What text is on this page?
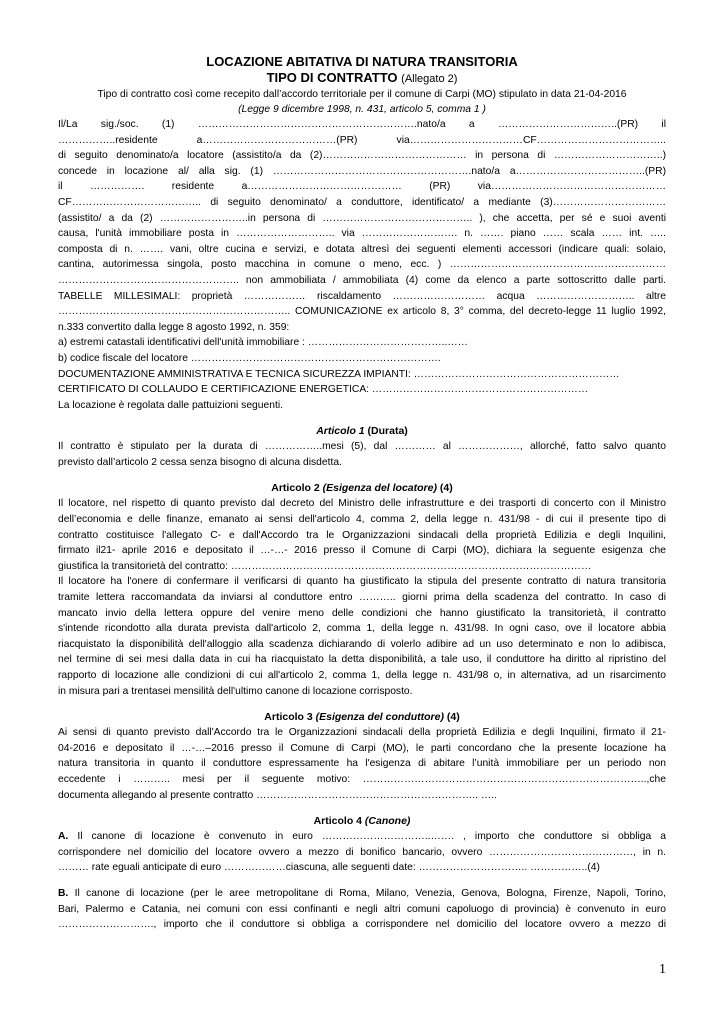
LOCAZIONE ABITATIVA DI NATURA TRANSITORIA
TIPO DI CONTRATTO (Allegato 2)
Tipo di contratto così come recepito dall’accordo territoriale per il comune di Carpi (MO) stipulato in data 21-04-2016
(Legge 9 dicembre 1998, n. 431, articolo 5, comma 1 )
Il/La sig./soc. (1) ……………………………………………………….nato/a a ……………………………..(PR) il
……………..residente a…………………………………(PR) via……………………………CF………………………………..
di seguito denominato/a locatore (assistito/a da (2)…………………………………… in persona di …………………………..)
concede in locazione al/ alla sig. (1) ………………………………………………….nato/a a………………………………..(PR)
il ……………. residente a……………………………………… (PR) via……………………………………………
CF……………………………….. di seguito denominato/ a conduttore, identificato/ a mediante (3)……………………………
(assistito/ a da (2) ……………………..in persona di …………………………………….. ), che accetta, per sé e suoi aventi
causa, l'unità immobiliare posta in ……………………….. via ………………………. n. ……. piano …… scala …… int. …..
composta di n. ……. vani, oltre cucina e servizi, e dotata altresì dei seguenti elementi accessori (indicare quali: solaio,
cantina, autorimessa singola, posto macchina in comune o meno, ecc. ) ………………………………………………………
…………………………………………….. non ammobiliata / ammobiliata (4) come da elenco a parte sottoscritto dalle parti.
TABELLE MILLESIMALI: proprietà ……………… riscaldamento ……………………… acqua ……………………….. altre
………………………………………………………….. COMUNICAZIONE ex articolo 8, 3° comma, del decreto-legge 11 luglio 1992,
n.333 convertito dalla legge 8 agosto 1992, n. 359:
a) estremi catastali identificativi dell'unità immobiliare : …………………………………..……
b) codice fiscale del locatore ……………………………………………………………….
DOCUMENTAZIONE AMMINISTRATIVA E TECNICA SICUREZZA IMPIANTI: ……………………………………………………
CERTIFICATO DI COLLAUDO E CERTIFICAZIONE ENERGETICA: ………………………………………………………
La locazione è regolata dalle pattuizioni seguenti.
Articolo 1 (Durata)
Il contratto è stipulato per la durata di ……………..mesi (5), dal ………… al ………………, allorché, fatto salvo quanto
previsto dall’articolo 2 cessa senza bisogno di alcuna disdetta.
Articolo 2 (Esigenza del locatore) (4)
Il locatore, nel rispetto di quanto previsto dal decreto del Ministro delle infrastrutture e dei trasporti di concerto con il Ministro
dell’economia e delle finanze, emanato ai sensi dell'articolo 4, comma 2, della legge n. 431/98 - di cui il presente tipo di
contratto costituisce l'allegato C- e dall'Accordo tra le Organizzazioni sindacali della proprietà Edilizia e degli Inquilini,
firmato il21- aprile 2016 e depositato il …-…- 2016 presso il Comune di Carpi (MO), dichiara la seguente esigenza che
giustifica la transitorietà del contratto: ……………………………………………………………………………………………
Il locatore ha l'onere di confermare il verificarsi di quanto ha giustificato la stipula del presente contratto di natura transitoria
tramite lettera raccomandata da inviarsi al conduttore entro ……….. giorni prima della scadenza del contratto. In caso di
mancato invio della lettera oppure del venire meno delle condizioni che hanno giustificato la transitorietà, il contratto
s'intende ricondotto alla durata prevista dall'articolo 2, comma 1, della legge n. 431/98. In ogni caso, ove il locatore abbia
riacquistato la disponibilità dell'alloggio alla scadenza dichiarando di volerlo adibire ad un uso determinato e non lo adibisca,
nel termine di sei mesi dalla data in cui ha riacquistato la detta disponibilità, a tale uso, il conduttore ha diritto al ripristino del
rapporto di locazione alle condizioni di cui all'articolo 2, comma 1, della legge n. 431/98 o, in alternativa, ad un risarcimento
in misura pari a trentasei mensilità dell'ultimo canone di locazione corrisposto.
Articolo 3 (Esigenza del conduttore) (4)
Ai sensi di quanto previsto dall'Accordo tra le Organizzazioni sindacali della proprietà Edilizia e degli Inquilini, firmato il 21-
04-2016 e depositato il …-…–2016 presso il Comune di Carpi (MO), le parti concordano che la presente locazione ha
natura transitoria in quanto il conduttore espressamente ha l'esigenza di abitare l’unità immobiliare per un periodo non
eccedente i ……….. mesi per il seguente motivo: ………………………………………………………………………..,che
documenta allegando al presente contratto ……………………………………………………….. …..
Articolo 4 (Canone)
A. Il canone di locazione è convenuto in euro …………………………..……. , importo che conduttore si obbliga a
corrispondere nel domicilio del locatore ovvero a mezzo di bonifico bancario, ovvero ……………………………………, in n.
……… rate eguali anticipate di euro ………………ciascuna, alle seguenti date: ………………………….. ……………..(4)
B. Il canone di locazione (per le aree metropolitane di Roma, Milano, Venezia, Genova, Bologna, Firenze, Napoli, Torino,
Bari, Palermo e Catania, nei comuni con essi confinanti e negli altri comuni capoluogo di provincia) è convenuto in euro
………………………., importo che il conduttore si obbliga a corrispondere nel domicilio del locatore ovvero a mezzo di
1
